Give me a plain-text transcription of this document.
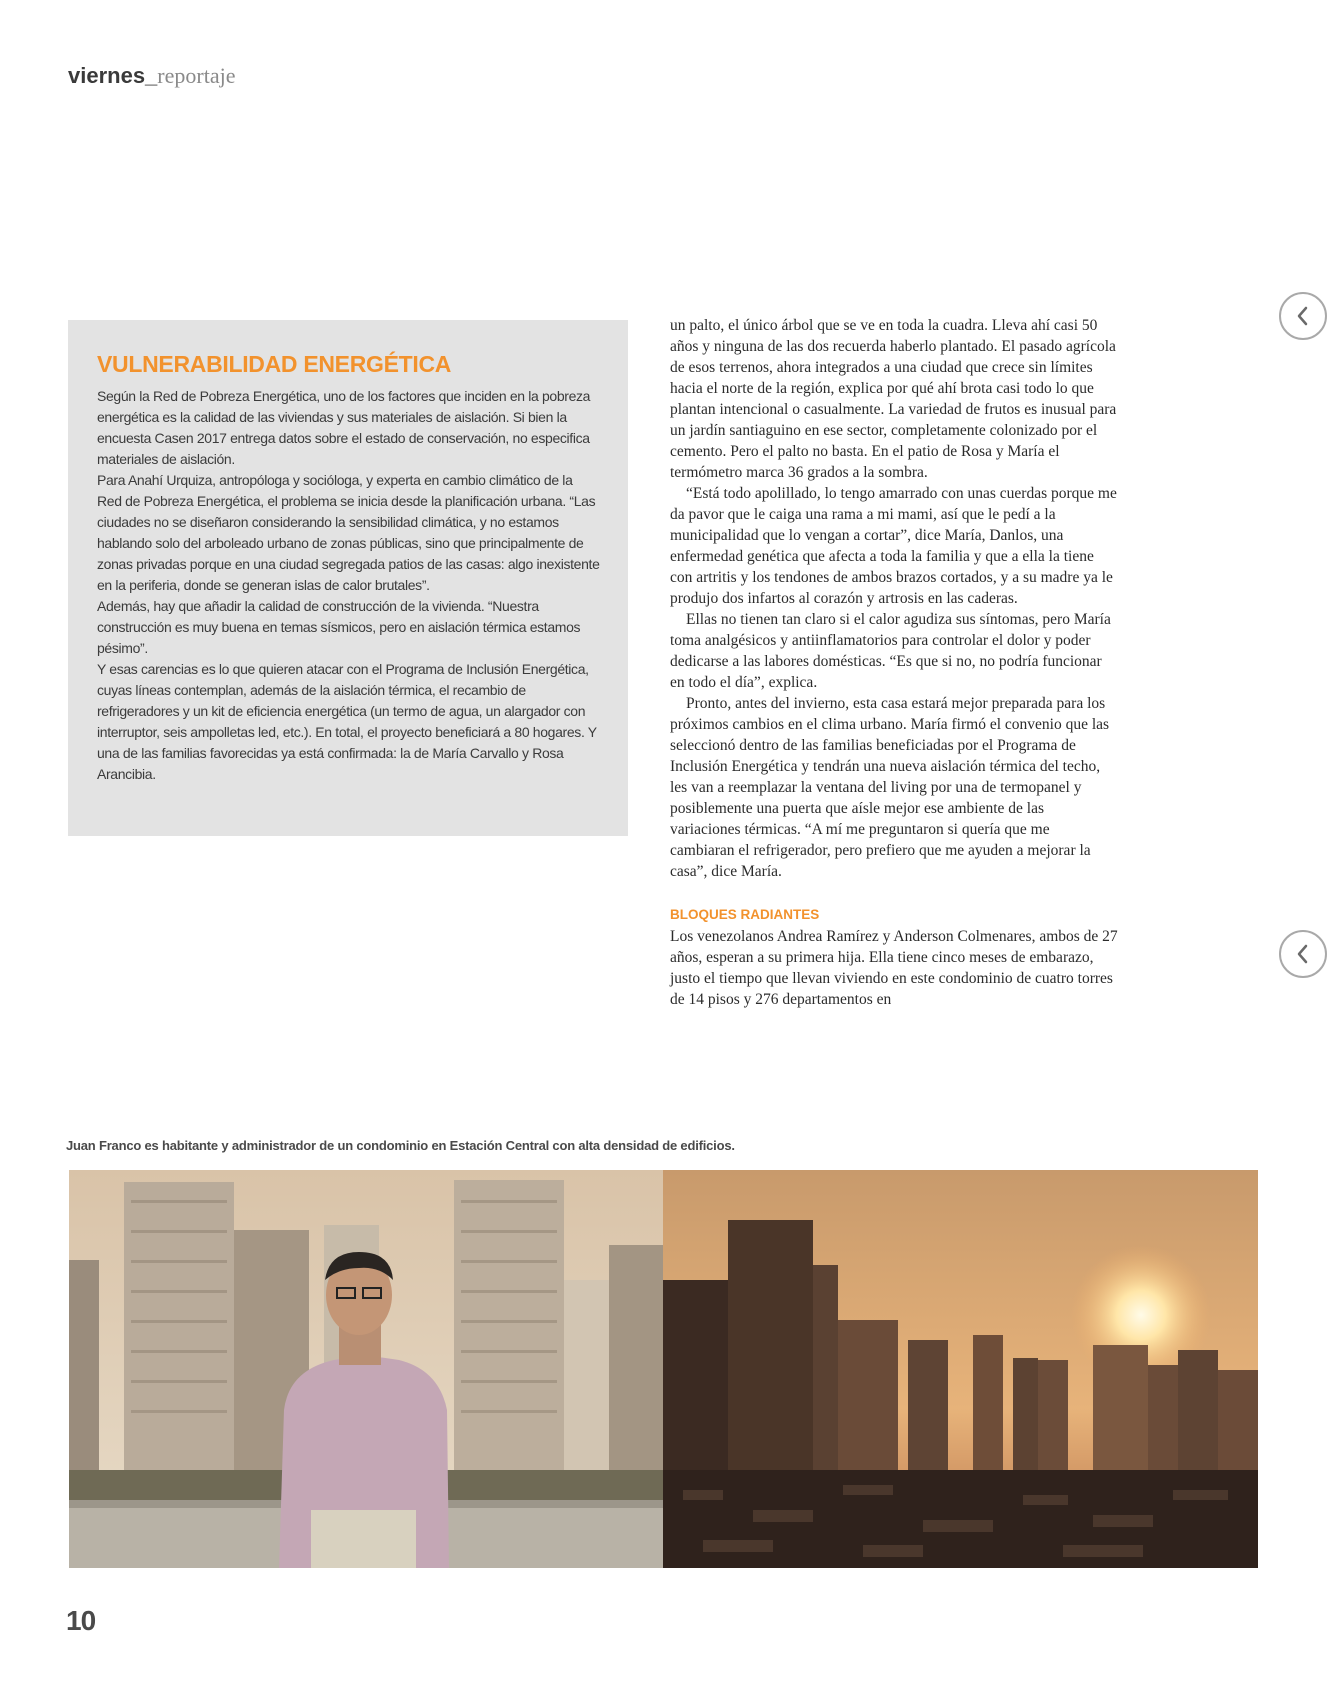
viernes_reportaje
VULNERABILIDAD ENERGÉTICA

Según la Red de Pobreza Energética, uno de los factores que inciden en la pobreza energética es la calidad de las viviendas y sus materiales de aislación. Si bien la encuesta Casen 2017 entrega datos sobre el estado de conservación, no especifica materiales de aislación.

Para Anahí Urquiza, antropóloga y socióloga, y experta en cambio climático de la Red de Pobreza Energética, el problema se inicia desde la planificación urbana. “Las ciudades no se diseñaron considerando la sensibilidad climática, y no estamos hablando solo del arboleado urbano de zonas públicas, sino que principalmente de zonas privadas porque en una ciudad segregada patios de las casas: algo inexistente en la periferia, donde se generan islas de calor brutales”.

Además, hay que añadir la calidad de construcción de la vivienda. “Nuestra construcción es muy buena en temas sísmicos, pero en aislación térmica estamos pésimo”.

Y esas carencias es lo que quieren atacar con el Programa de Inclusión Energética, cuyas líneas contemplan, además de la aislación térmica, el recambio de refrigeradores y un kit de eficiencia energética (un termo de agua, un alargador con interruptor, seis ampolletas led, etc.). En total, el proyecto beneficiará a 80 hogares. Y una de las familias favorecidas ya está confirmada: la de María Carvallo y Rosa Arancibia.

un palto, el único árbol que se ve en toda la cuadra. Lleva ahí casi 50 años y ninguna de las dos recuerda haberlo plantado. El pasado agrícola de esos terrenos, ahora integrados a una ciudad que crece sin límites hacia el norte de la región, explica por qué ahí brota casi todo lo que plantan intencional o casualmente. La variedad de frutos es inusual para un jardín santiaguino en ese sector, completamente colonizado por el cemento. Pero el palto no basta. En el patio de Rosa y María el termómetro marca 36 grados a la sombra.

“Está todo apolillado, lo tengo amarrado con unas cuerdas porque me da pavor que le caiga una rama a mi mami, así que le pedí a la municipalidad que lo vengan a cortar”, dice María, Danlos, una enfermedad genética que afecta a toda la familia y que a ella la tiene con artritis y los tendones de ambos brazos cortados, y a su madre ya le produjo dos infartos al corazón y artrosis en las caderas.

Ellas no tienen tan claro si el calor agudiza sus síntomas, pero María toma analgésicos y antiinflamatorios para controlar el dolor y poder dedicarse a las labores domésticas. “Es que si no, no podría funcionar en todo el día”, explica.

Pronto, antes del invierno, esta casa estará mejor preparada para los próximos cambios en el clima urbano. María firmó el convenio que las seleccionó dentro de las familias beneficiadas por el Programa de Inclusión Energética y tendrán una nueva aislación térmica del techo, les van a reemplazar la ventana del living por una de termopanel y posiblemente una puerta que aísle mejor ese ambiente de las variaciones térmicas. “A mí me preguntaron si quería que me cambiaran el refrigerador, pero prefiero que me ayuden a mejorar la casa”, dice María.

BLOQUES RADIANTES

Los venezolanos Andrea Ramírez y Anderson Colmenares, ambos de 27 años, esperan a su primera hija. Ella tiene cinco meses de embarazo, justo el tiempo que llevan viviendo en este condominio de cuatro torres de 14 pisos y 276 departamentos en

Juan Franco es habitante y administrador de un condominio en Estación Central con alta densidad de edificios.
10
